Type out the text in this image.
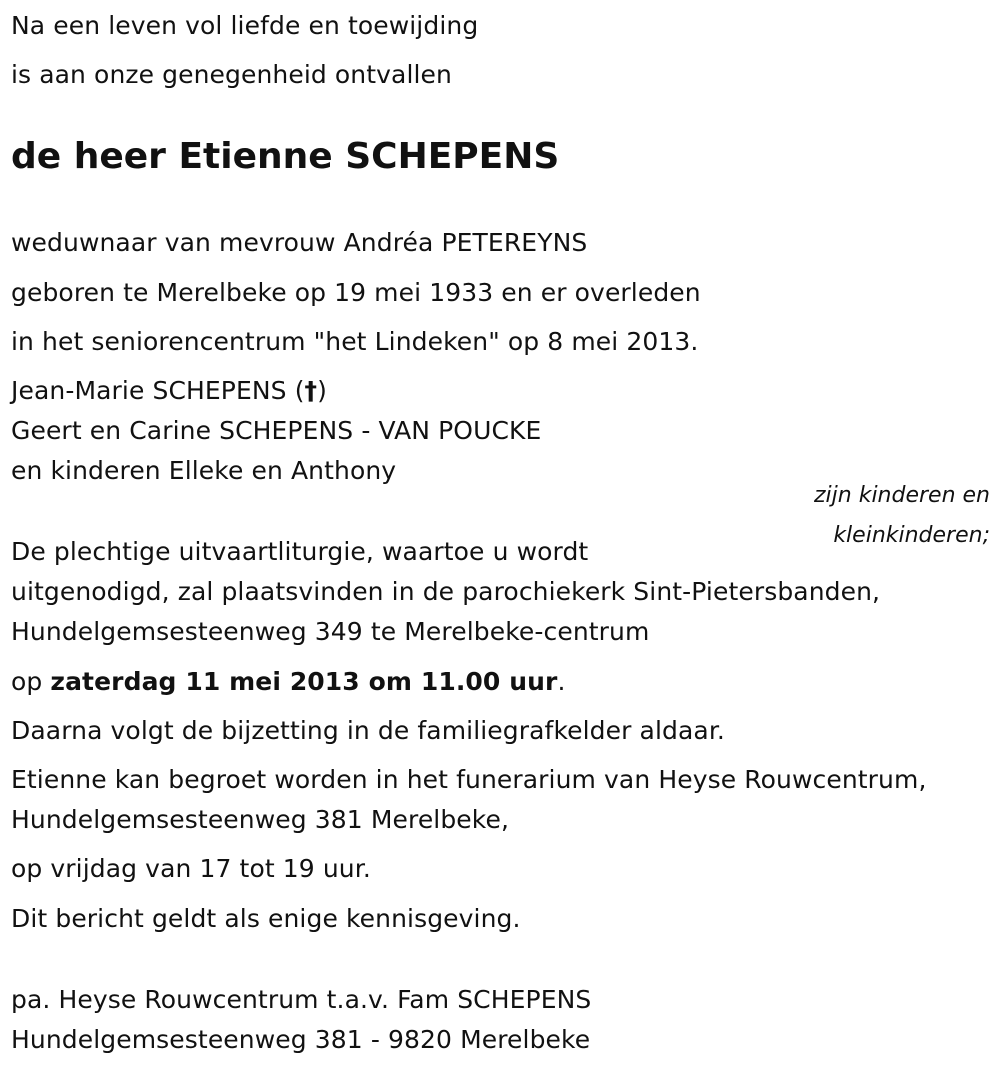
Na een leven vol liefde en toewijding
is aan onze genegenheid ontvallen
de heer Etienne SCHEPENS
weduwnaar van mevrouw Andréa PETEREYNS
geboren te Merelbeke op 19 mei 1933 en er overleden
in het seniorencentrum "het Lindeken" op 8 mei 2013.
Jean-Marie SCHEPENS (†)
Geert en Carine SCHEPENS - VAN POUCKE
en kinderen Elleke en Anthony
zijn kinderen en
kleinkinderen;
De plechtige uitvaartliturgie, waartoe u wordt
uitgenodigd, zal plaatsvinden in de parochiekerk Sint-Pietersbanden,
Hundelgemsesteenweg 349 te Merelbeke-centrum
op zaterdag 11 mei 2013 om 11.00 uur.
Daarna volgt de bijzetting in de familiegrafkelder aldaar.
Etienne kan begroet worden in het funerarium van Heyse Rouwcentrum,
Hundelgemsesteenweg 381 Merelbeke,
op vrijdag van 17 tot 19 uur.
Dit bericht geldt als enige kennisgeving.
pa. Heyse Rouwcentrum t.a.v. Fam SCHEPENS
Hundelgemsesteenweg 381 - 9820 Merelbeke
